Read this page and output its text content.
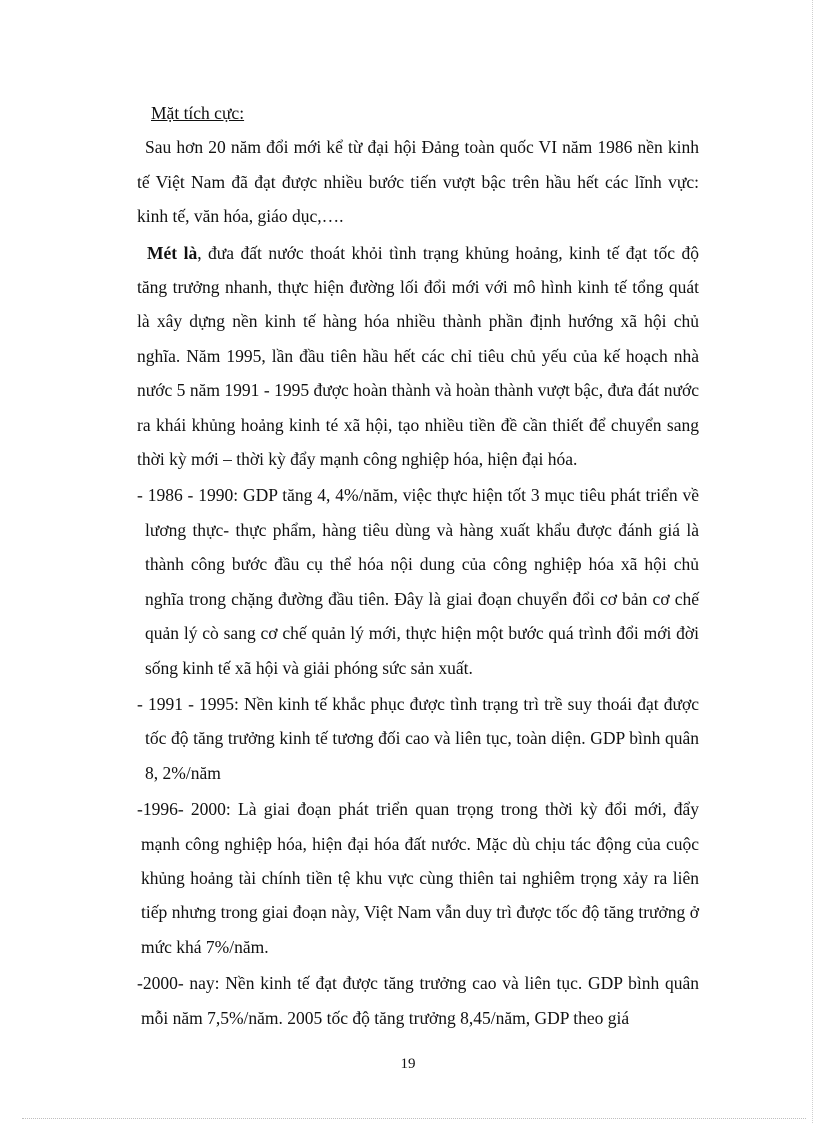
Mặt tích cực:

Sau hơn 20 năm đổi mới kể từ đại hội Đảng toàn quốc VI năm 1986 nền kinh tế Việt Nam đã đạt được nhiều bước tiến vượt bậc trên hầu hết các lĩnh vực: kinh tế, văn hóa, giáo dục,….

Mét là, đưa đất nước thoát khỏi tình trạng khủng hoảng, kinh tế đạt tốc độ tăng trưởng nhanh, thực hiện đường lối đổi mới với mô hình kinh tế tổng quát là xây dựng nền kinh tế hàng hóa nhiều thành phần định hướng xã hội chủ nghĩa. Năm 1995, lần đầu tiên hầu hết các chỉ tiêu chủ yếu của kế hoạch nhà nước 5 năm 1991 - 1995 được hoàn thành và hoàn thành vượt bậc, đưa đát nước ra khái khủng hoảng kinh té xã hội, tạo nhiều tiền đề cần thiết để chuyển sang thời kỳ mới – thời kỳ đẩy mạnh công nghiệp hóa, hiện đại hóa.

- 1986 - 1990: GDP tăng 4, 4%/năm, việc thực hiện tốt 3 mục tiêu phát triển về lương thực- thực phẩm, hàng tiêu dùng và hàng xuất khẩu được đánh giá là thành công bước đầu cụ thể hóa nội dung của công nghiệp hóa xã hội chủ nghĩa trong chặng đường đầu tiên. Đây là giai đoạn chuyển đổi cơ bản cơ chế quản lý cò sang cơ chế quản lý mới, thực hiện một bước quá trình đổi mới đời sống kinh tế xã hội và giải phóng sức sản xuất.

- 1991 - 1995: Nền kinh tế khắc phục được tình trạng trì trề suy thoái đạt được tốc độ tăng trưởng kinh tế tương đối cao và liên tục, toàn diện. GDP bình quân 8, 2%/năm

-1996- 2000: Là giai đoạn phát triển quan trọng trong thời kỳ đổi mới, đẩy mạnh công nghiệp hóa, hiện đại hóa đất nước. Mặc dù chịu tác động của cuộc khủng hoảng tài chính tiền tệ khu vực cùng thiên tai nghiêm trọng xảy ra liên tiếp nhưng trong giai đoạn này, Việt Nam vẫn duy trì được tốc độ tăng trưởng ở mức khá 7%/năm.

-2000- nay: Nền kinh tế đạt được tăng trưởng cao và liên tục. GDP bình quân mỗi năm 7,5%/năm. 2005 tốc độ tăng trưởng 8,45/năm, GDP theo giá

19
